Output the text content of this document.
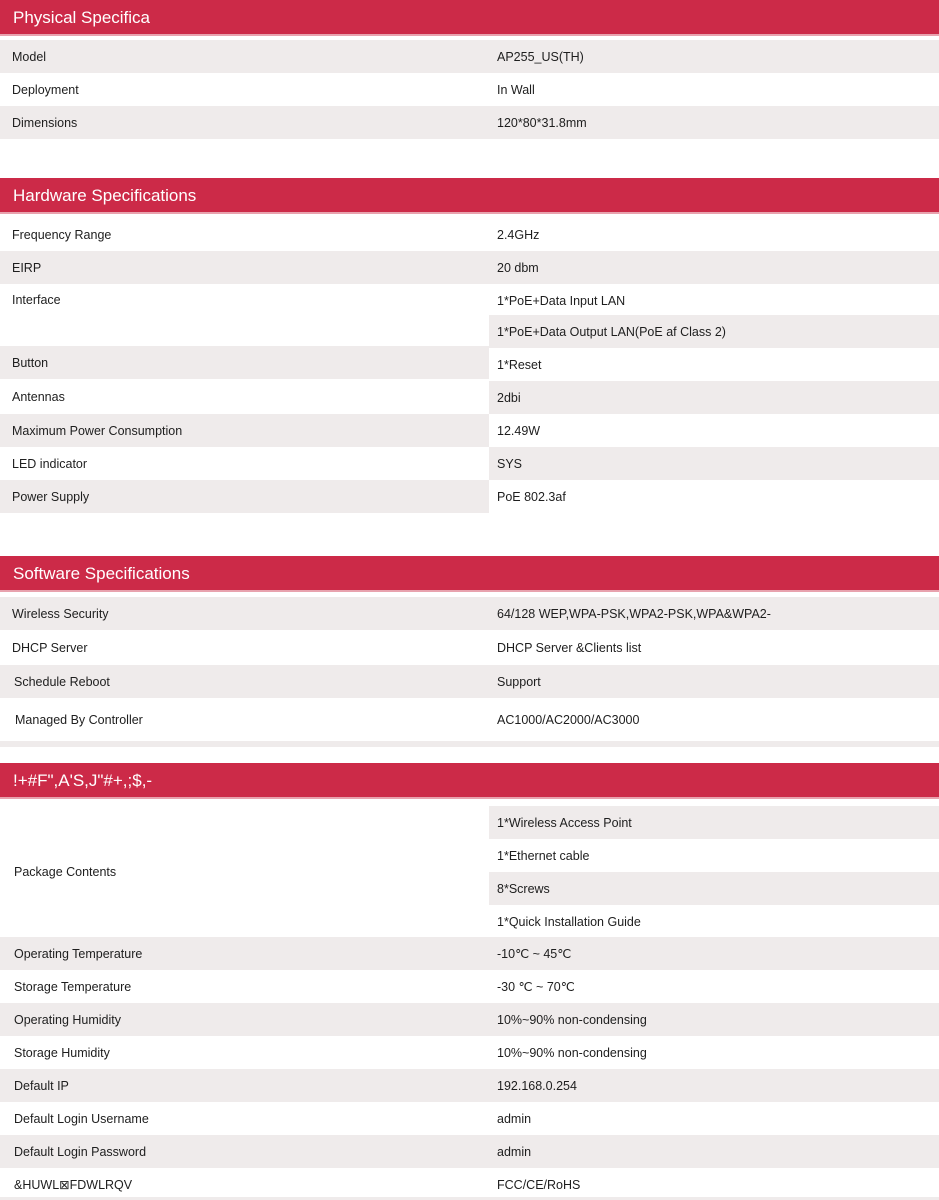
Physical Specifica
Model	AP255_US(TH)
Deployment	In Wall
Dimensions	120*80*31.8mm
Hardware Specifications
Frequency Range	2.4GHz
EIRP	20 dbm
Interface	1*PoE+Data Input LAN
1*PoE+Data Output LAN(PoE af Class 2)
Button	1*Reset
Antennas	2dbi
Maximum Power Consumption	12.49W
LED indicator	SYS
Power Supply	PoE 802.3af
Software Specifications
Wireless Security	64/128 WEP,WPA-PSK,WPA2-PSK,WPA&WPA2-
DHCP Server	DHCP Server &Clients list
Schedule Reboot	Support
Managed By Controller	AC1000/AC2000/AC3000
!+#F",A'S,J"#+,;$,-
Package Contents
1*Wireless Access Point
1*Ethernet cable
8*Screws
1*Quick Installation Guide
Operating Temperature	-10℃ ~ 45℃
Storage Temperature	-30 ℃ ~ 70℃
Operating Humidity	10%~90% non-condensing
Storage Humidity	10%~90% non-condensing
Default IP	192.168.0.254
Default Login Username	admin
Default Login Password	admin
&HUWL⊠FDWLRQV	FCC/CE/RoHS
